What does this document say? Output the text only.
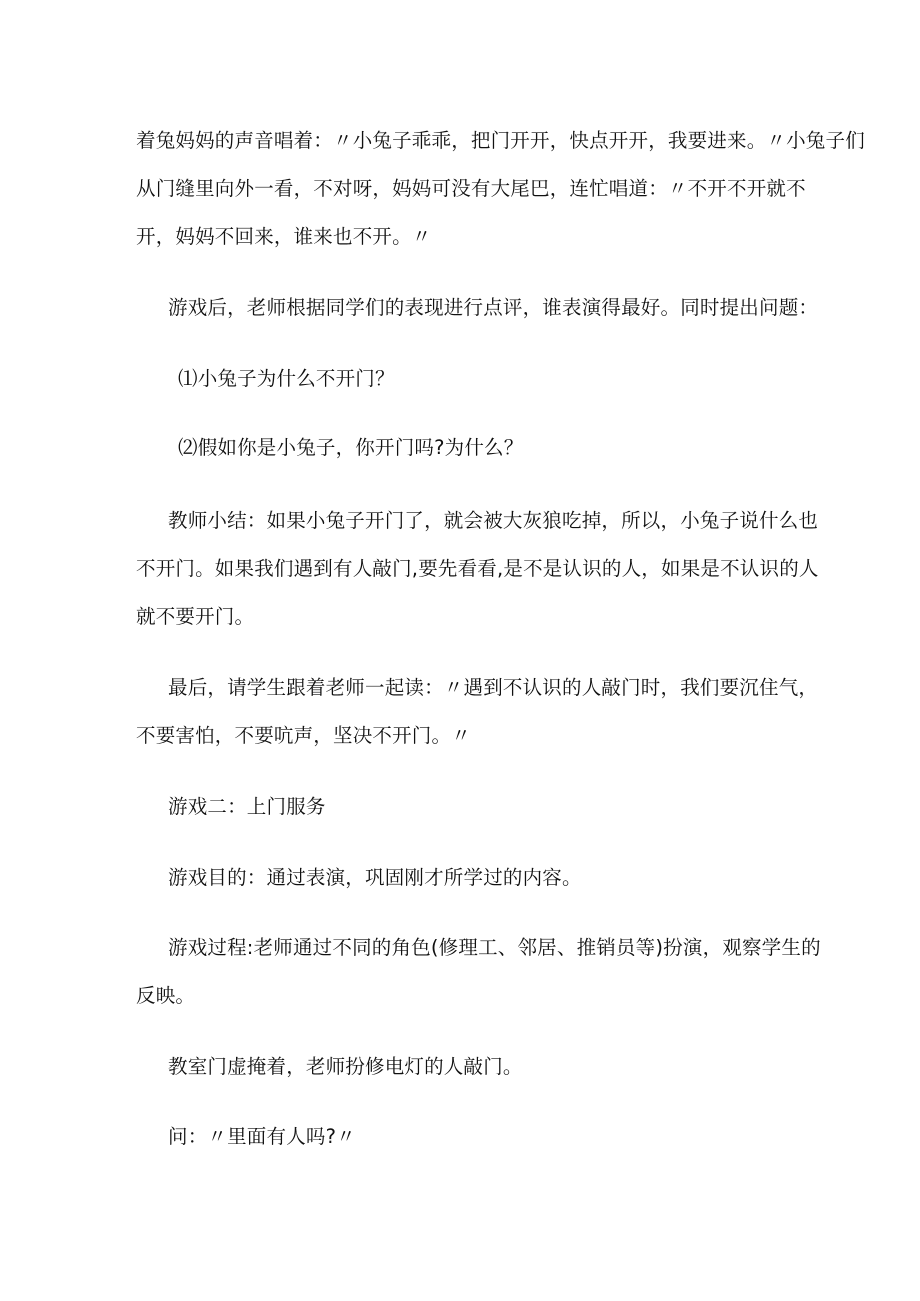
着兔妈妈的声音唱着：〃小兔子乖乖，把门开开，快点开开，我要进来。〃小兔子们
从门缝里向外一看，不对呀，妈妈可没有大尾巴，连忙唱道：〃不开不开就不
开，妈妈不回来，谁来也不开。〃
游戏后，老师根据同学们的表现进行点评，谁表演得最好。同时提出问题：
⑴小兔子为什么不开门？
⑵假如你是小兔子，你开门吗?为什么？
教师小结：如果小兔子开门了，就会被大灰狼吃掉，所以，小兔子说什么也
不开门。如果我们遇到有人敲门,要先看看,是不是认识的人，如果是不认识的人
就不要开门。
最后，请学生跟着老师一起读：〃遇到不认识的人敲门时，我们要沉住气，
不要害怕，不要吭声，坚决不开门。〃
游戏二：上门服务
游戏目的：通过表演，巩固刚才所学过的内容。
游戏过程:老师通过不同的角色(修理工、邻居、推销员等)扮演，观察学生的
反映。
教室门虚掩着，老师扮修电灯的人敲门。
问：〃里面有人吗?〃
